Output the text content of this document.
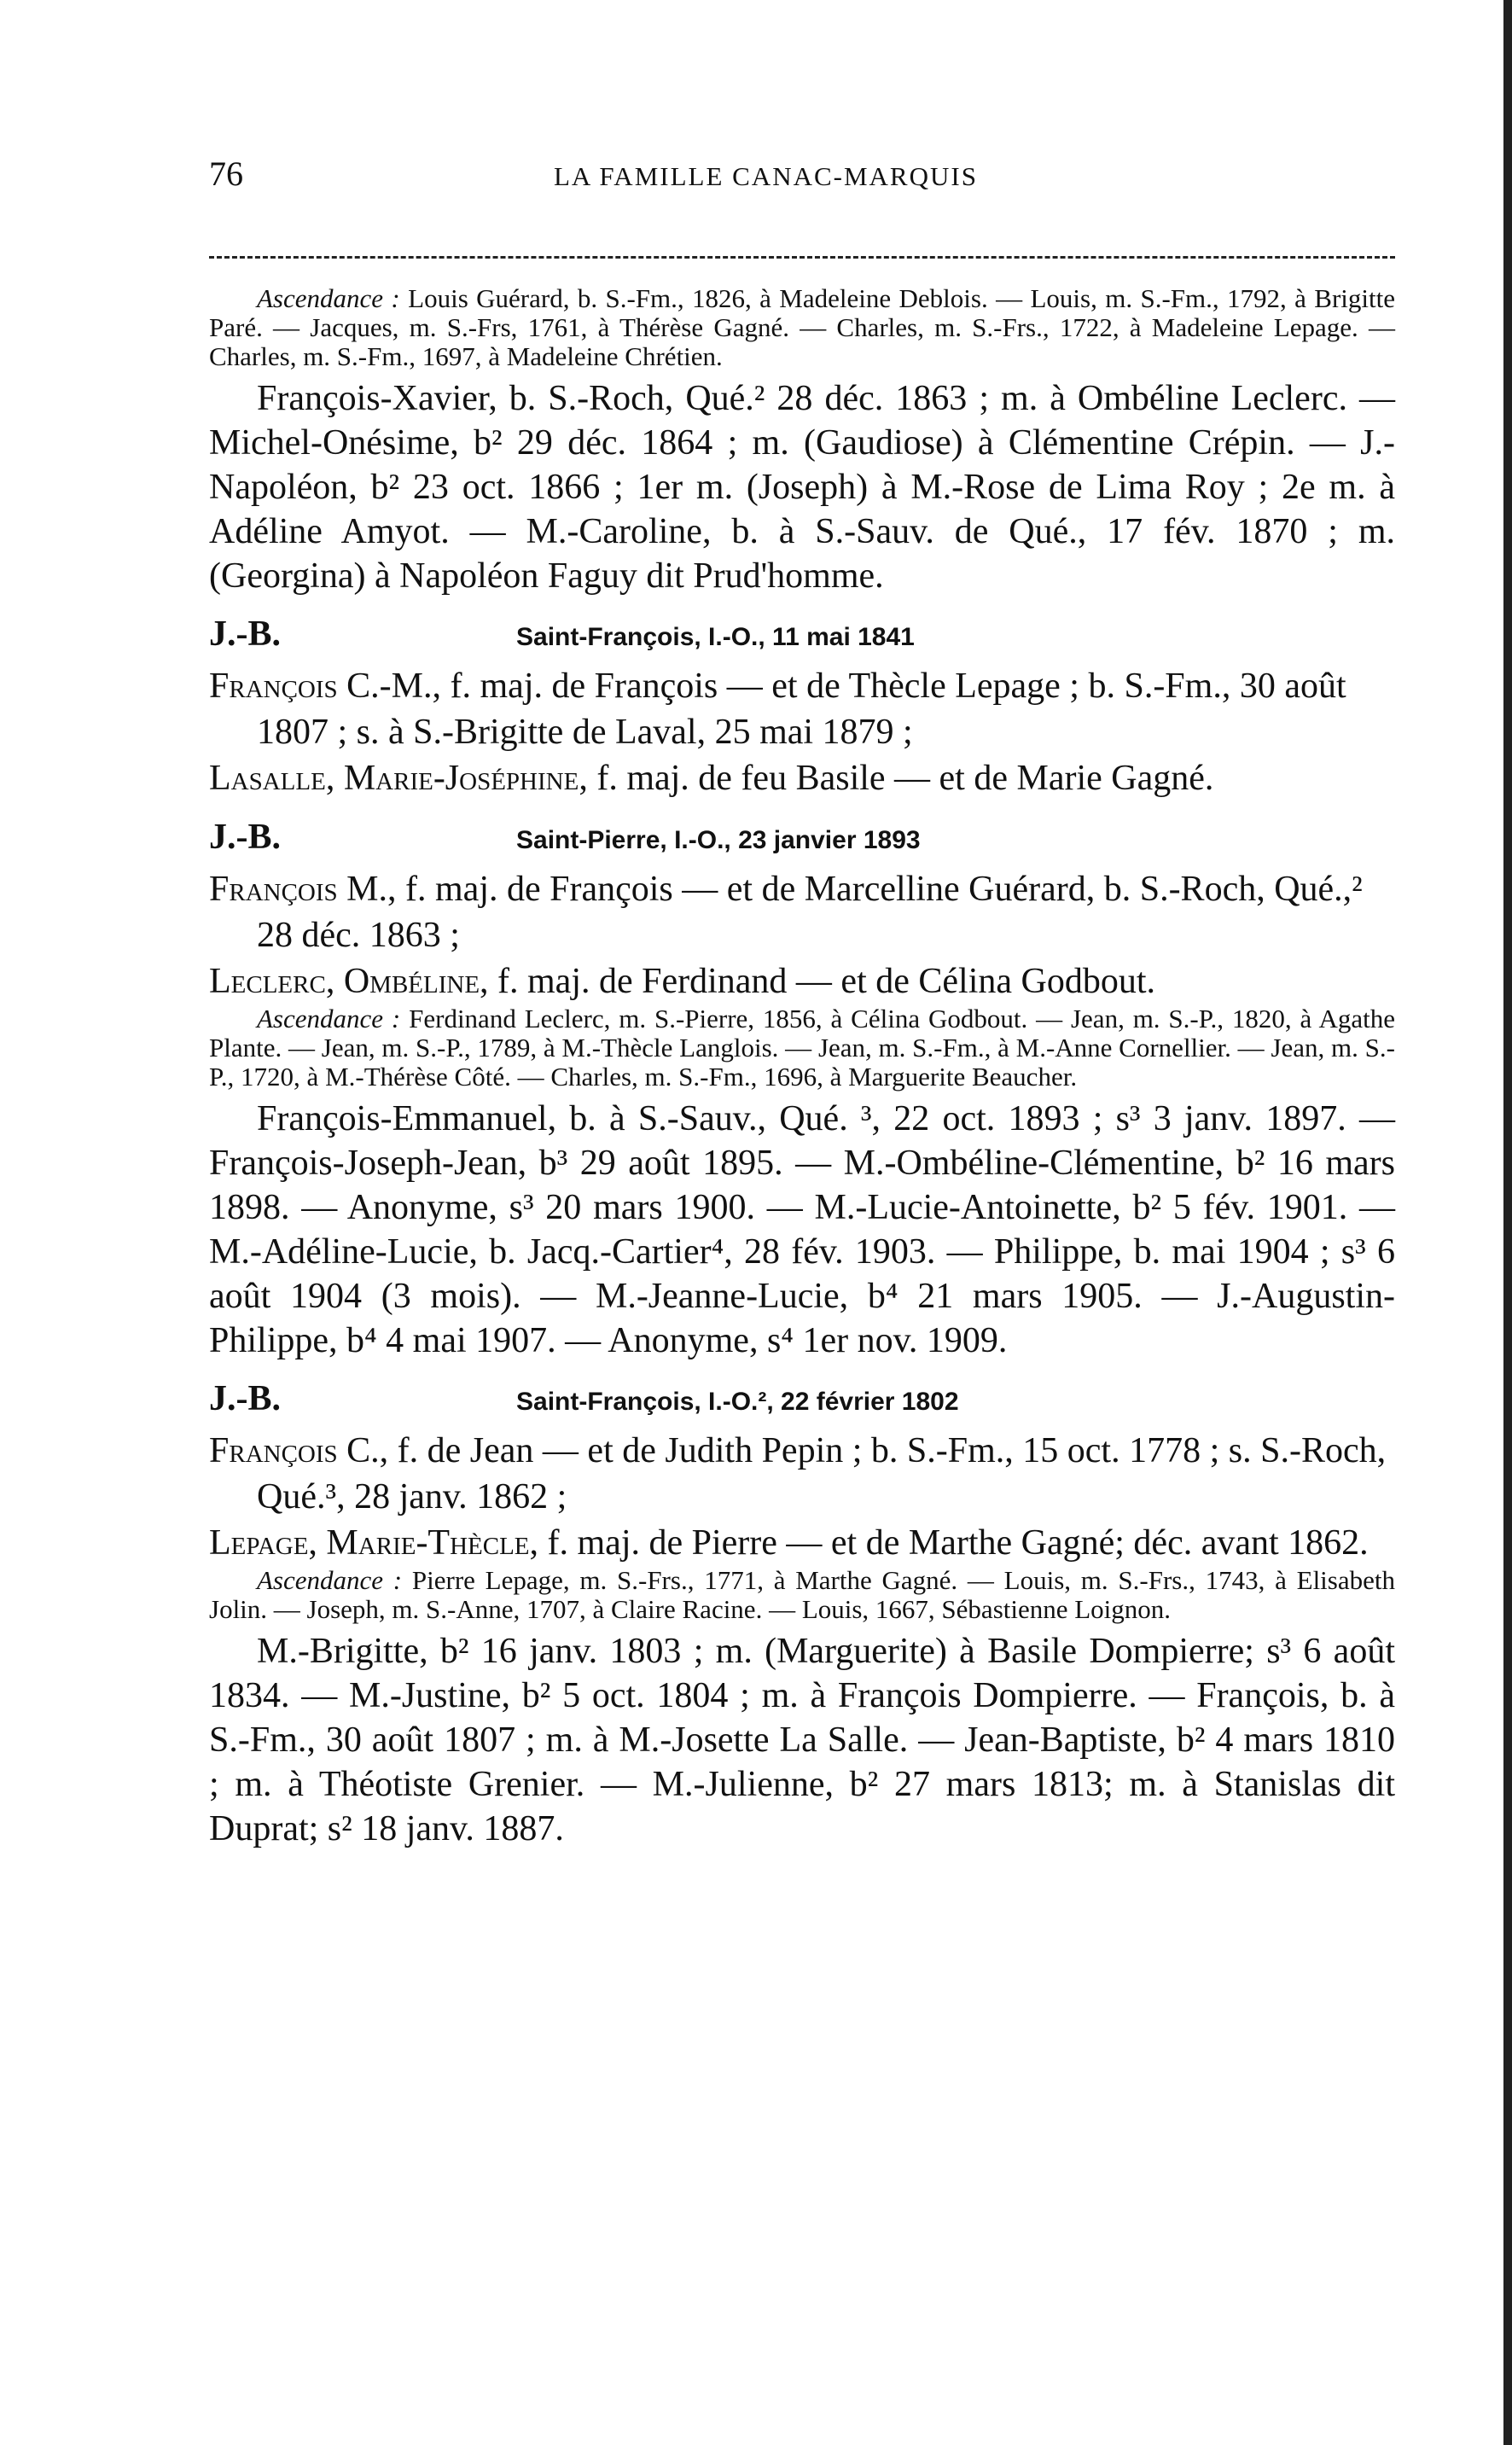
76	LA FAMILLE CANAC-MARQUIS

Ascendance : Louis Guérard, b. S.-Fm., 1826, à Madeleine Deblois. — Louis, m. S.-Fm., 1792, à Brigitte Paré. — Jacques, m. S.-Frs, 1761, à Thérèse Gagné. — Charles, m. S.-Frs., 1722, à Madeleine Lepage. — Charles, m. S.-Fm., 1697, à Madeleine Chrétien.

François-Xavier, b. S.-Roch, Qué.² 28 déc. 1863 ; m. à Ombéline Leclerc. — Michel-Onésime, b² 29 déc. 1864 ; m. (Gaudiose) à Clémentine Crépin. — J.-Napoléon, b² 23 oct. 1866 ; 1er m. (Joseph) à M.-Rose de Lima Roy ; 2e m. à Adéline Amyot. — M.-Caroline, b. à S.-Sauv. de Qué., 17 fév. 1870 ; m. (Georgina) à Napoléon Faguy dit Prud'homme.

J.-B.	Saint-François, I.-O., 11 mai 1841

François C.-M., f. maj. de François — et de Thècle Lepage ; b. S.-Fm., 30 août 1807 ; s. à S.-Brigitte de Laval, 25 mai 1879 ;

Lasalle, Marie-Joséphine, f. maj. de feu Basile — et de Marie Gagné.

J.-B.	Saint-Pierre, I.-O., 23 janvier 1893

François M., f. maj. de François — et de Marcelline Guérard, b. S.-Roch, Qué.,² 28 déc. 1863 ;

Leclerc, Ombéline, f. maj. de Ferdinand — et de Célina Godbout.

Ascendance : Ferdinand Leclerc, m. S.-Pierre, 1856, à Célina Godbout. — Jean, m. S.-P., 1820, à Agathe Plante. — Jean, m. S.-P., 1789, à M.-Thècle Langlois. — Jean, m. S.-Fm., à M.-Anne Cornellier. — Jean, m. S.-P., 1720, à M.-Thérèse Côté. — Charles, m. S.-Fm., 1696, à Marguerite Beaucher.

François-Emmanuel, b. à S.-Sauv., Qué. ³, 22 oct. 1893 ; s³ 3 janv. 1897. — François-Joseph-Jean, b³ 29 août 1895. — M.-Ombéline-Clémentine, b² 16 mars 1898. — Anonyme, s³ 20 mars 1900. — M.-Lucie-Antoinette, b² 5 fév. 1901. — M.-Adéline-Lucie, b. Jacq.-Cartier⁴, 28 fév. 1903. — Philippe, b. mai 1904 ; s³ 6 août 1904 (3 mois). — M.-Jeanne-Lucie, b⁴ 21 mars 1905. — J.-Augustin-Philippe, b⁴ 4 mai 1907. — Anonyme, s⁴ 1er nov. 1909.

J.-B.	Saint-François, I.-O.², 22 février 1802

François C., f. de Jean — et de Judith Pepin ; b. S.-Fm., 15 oct. 1778 ; s. S.-Roch, Qué.³, 28 janv. 1862 ;

Lepage, Marie-Thècle, f. maj. de Pierre — et de Marthe Gagné; déc. avant 1862.

Ascendance : Pierre Lepage, m. S.-Frs., 1771, à Marthe Gagné. — Louis, m. S.-Frs., 1743, à Elisabeth Jolin. — Joseph, m. S.-Anne, 1707, à Claire Racine. — Louis, 1667, Sébastienne Loignon.

M.-Brigitte, b² 16 janv. 1803 ; m. (Marguerite) à Basile Dompierre; s³ 6 août 1834. — M.-Justine, b² 5 oct. 1804 ; m. à François Dompierre. — François, b. à S.-Fm., 30 août 1807 ; m. à M.-Josette La Salle. — Jean-Baptiste, b² 4 mars 1810 ; m. à Théotiste Grenier. — M.-Julienne, b² 27 mars 1813; m. à Stanislas dit Duprat; s² 18 janv. 1887.
